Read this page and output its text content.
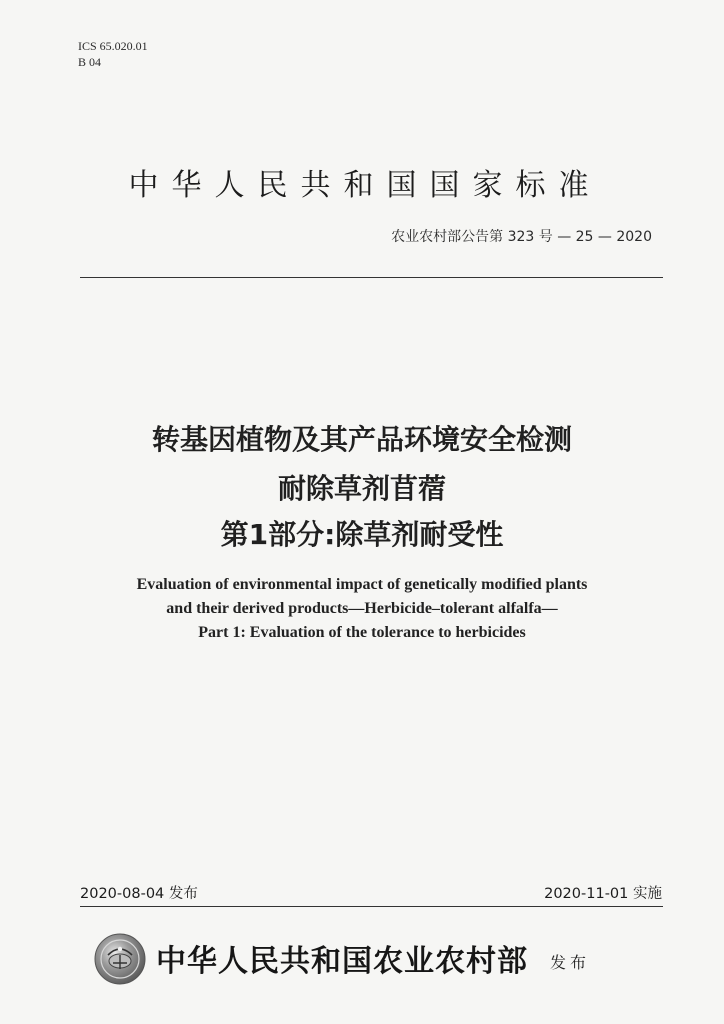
ICS 65.020.01
B 04
中华人民共和国国家标准
农业农村部公告第 323 号 — 25 — 2020
转基因植物及其产品环境安全检测
耐除草剂苜蓿
第1部分:除草剂耐受性
Evaluation of environmental impact of genetically modified plants
and their derived products—Herbicide–tolerant alfalfa—
Part 1: Evaluation of the tolerance to herbicides
2020-08-04 发布	2020-11-01 实施
中华人民共和国农业农村部 发布
